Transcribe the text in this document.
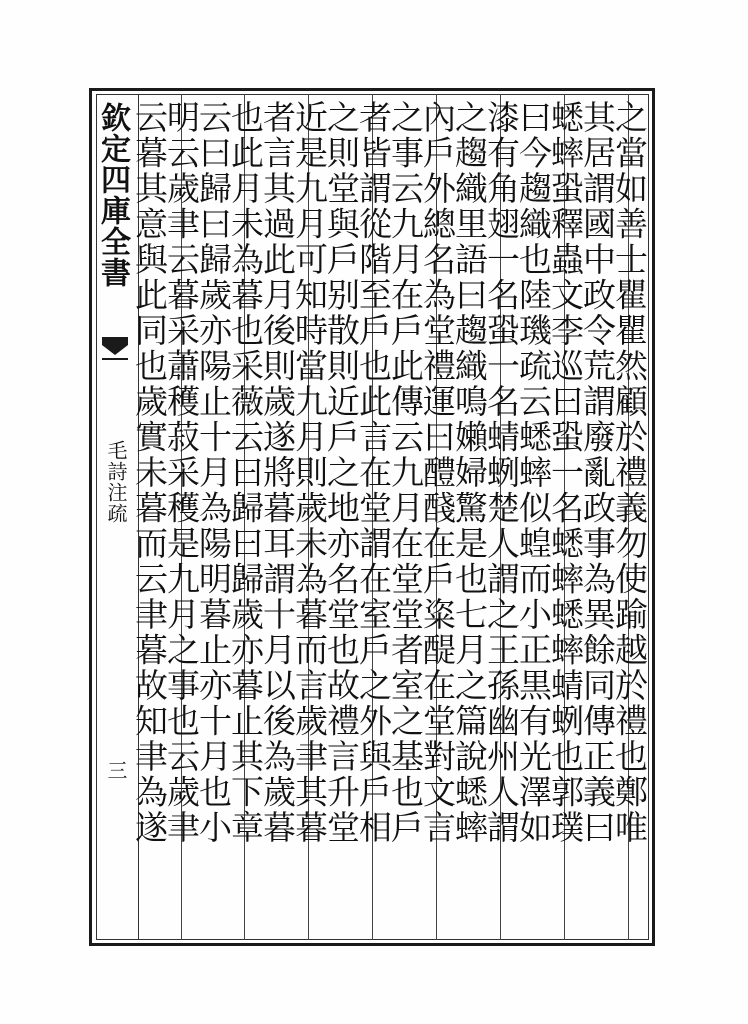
欽定四庫全書
毛詩注疏
三	之當如善士瞿瞿然顧於禮義勿使踰越於禮也鄭唯
其居謂國中政令荒謂廢亂政事為異餘同傳正義曰
蟋蟀蛩釋蟲文李巡曰蛩一名蟋蟀蟋蟀蜻蛚也郭璞
曰今趨織也陸璣疏云蟋蟀似蝗而小正黒有光澤如
漆有角翅一名蛩一名蜻蛚楚人謂之王孫幽州人謂
之趨織里語曰趨織鳴嬾婦驚是也七月之篇說蟋蟀
內戶外總名為堂禮運曰醴醆在戶粢醍在堂對文言
之事云九月在戶此傳云九月在堂堂者室之基也戶
者皆謂從階至戶也此言在堂謂在室戶之外與戶相
之則堂與戶别散則近戶之地亦名堂也故禮言升堂
近是九月可知時當九月則歲未為暮而言歲聿其暮
者言其過此月後則歲遂將暮耳謂十月以後為歲暮
也此月未為暮也采薇云曰歸曰歸歲亦暮止其下章
云曰歸曰歸歲亦陽止十月為陽明暮止亦十月也小
明云歲聿云暮采蕭穫菽采穫是九月之事也云歲聿
云暮其意與此同也歲實未暮而云聿暮故知聿為遂
